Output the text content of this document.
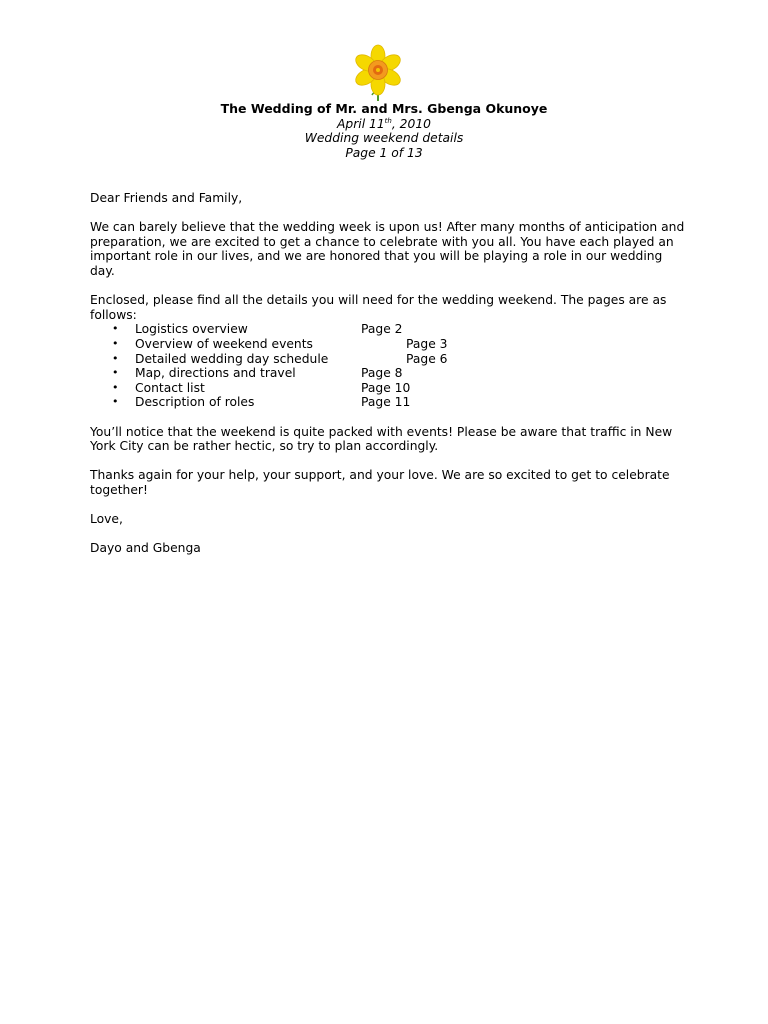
The Wedding of Mr. and Mrs. Gbenga Okunoye
April 11th, 2010
Wedding weekend details
Page 1 of 13

Dear Friends and Family,

We can barely believe that the wedding week is upon us! After many months of anticipation and preparation, we are excited to get a chance to celebrate with you all. You have each played an important role in our lives, and we are honored that you will be playing a role in our wedding day.

Enclosed, please find all the details you will need for the wedding weekend. The pages are as follows:

• Logistics overview	Page 2
• Overview of weekend events	Page 3
• Detailed wedding day schedule	Page 6
• Map, directions and travel	Page 8
• Contact list	Page 10
• Description of roles	Page 11

You’ll notice that the weekend is quite packed with events! Please be aware that traffic in New York City can be rather hectic, so try to plan accordingly.

Thanks again for your help, your support, and your love. We are so excited to get to celebrate together!

Love,

Dayo and Gbenga
